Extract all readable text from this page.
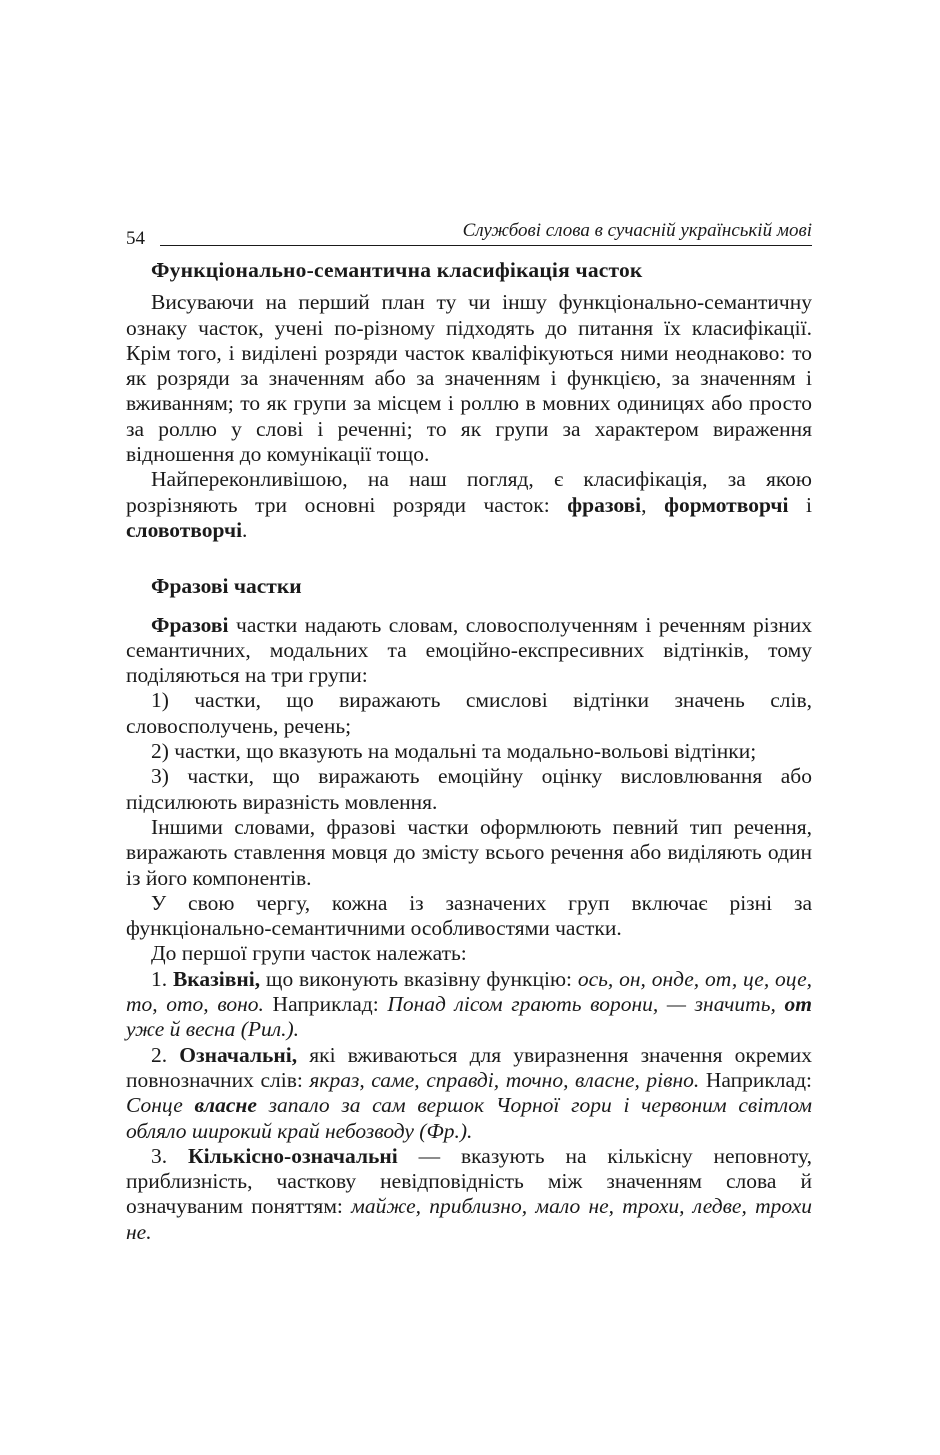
54	Службові слова в сучасній українській мові
Функціонально-семантична класифікація часток

Висуваючи на перший план ту чи іншу функціонально-семантичну ознаку часток, учені по-різному підходять до питання їх класифікації. Крім того, і виділені розряди часток кваліфікуються ними неоднаково: то як розряди за значенням або за значенням і функцією, за значенням і вживанням; то як групи за місцем і роллю в мовних одиницях або просто за роллю у слові і реченні; то як групи за характером вираження відношення до комунікації тощо.

Найпереконливішою, на наш погляд, є класифікація, за якою розрізняють три основні розряди часток: фразові, формотворчі і словотворчі.

Фразові частки

Фразові частки надають словам, словосполученням і реченням різних семантичних, модальних та емоційно-експресивних відтінків, тому поділяються на три групи:

1) частки, що виражають смислові відтінки значень слів, словосполучень, речень;

2) частки, що вказують на модальні та модально-вольові відтінки;

3) частки, що виражають емоційну оцінку висловлювання або підсилюють виразність мовлення.

Іншими словами, фразові частки оформлюють певний тип речення, виражають ставлення мовця до змісту всього речення або виділяють один із його компонентів.

У свою чергу, кожна із зазначених груп включає різні за функціонально-семантичними особливостями частки.

До першої групи часток належать:

1. Вказівні, що виконують вказівну функцію: ось, он, онде, от, це, оце, то, ото, воно. Наприклад: Понад лісом грають ворони, — значить, от уже й весна (Рил.).

2. Означальні, які вживаються для увиразнення значення окремих повнозначних слів: якраз, саме, справді, точно, власне, рівно. Наприклад: Сонце власне запало за сам вершок Чорної гори і червоним світлом обляло широкий край небозводу (Фр.).

3. Кількісно-означальні — вказують на кількісну неповноту, приблизність, часткову невідповідність між значенням слова й означуваним поняттям: майже, приблизно, мало не, трохи, ледве, трохи не.
